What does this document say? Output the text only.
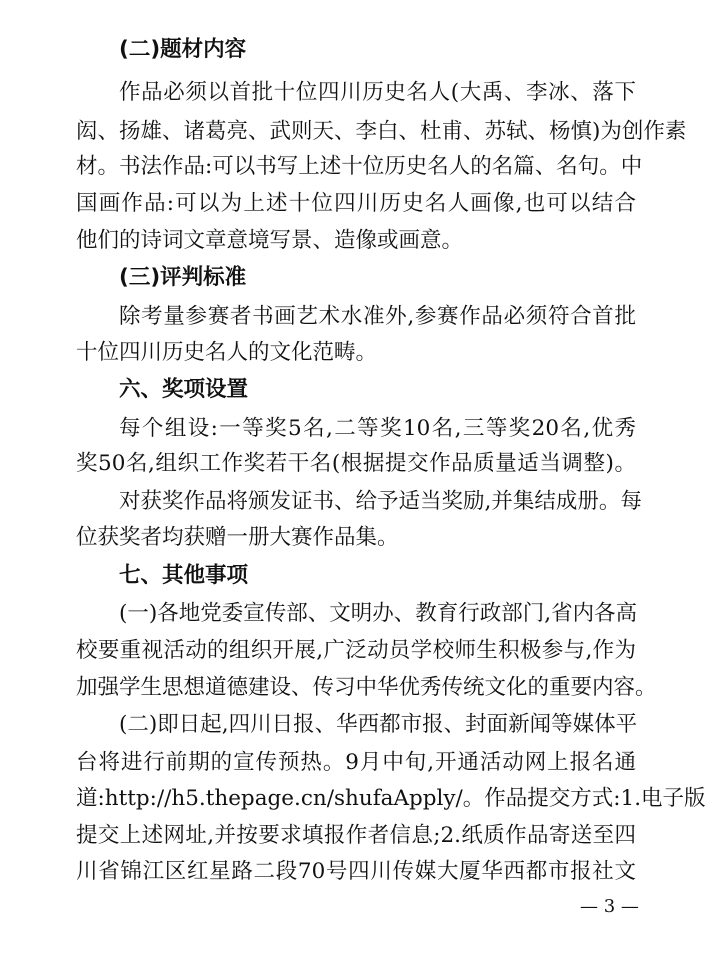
(二)题材内容
作品必须以首批十位四川历史名人(大禹、李冰、落下
闳、扬雄、诸葛亮、武则天、李白、杜甫、苏轼、杨慎)为创作素
材。书法作品:可以书写上述十位历史名人的名篇、名句。中
国画作品:可以为上述十位四川历史名人画像,也可以结合
他们的诗词文章意境写景、造像或画意。
(三)评判标准
除考量参赛者书画艺术水准外,参赛作品必须符合首批
十位四川历史名人的文化范畴。
六、奖项设置
每个组设:一等奖5名,二等奖10名,三等奖20名,优秀
奖50名,组织工作奖若干名(根据提交作品质量适当调整)。
对获奖作品将颁发证书、给予适当奖励,并集结成册。每
位获奖者均获赠一册大赛作品集。
七、其他事项
(一)各地党委宣传部、文明办、教育行政部门,省内各高
校要重视活动的组织开展,广泛动员学校师生积极参与,作为
加强学生思想道德建设、传习中华优秀传统文化的重要内容。
(二)即日起,四川日报、华西都市报、封面新闻等媒体平
台将进行前期的宣传预热。9月中旬,开通活动网上报名通
道:http://h5.thepage.cn/shufaApply/。作品提交方式:1.电子版
提交上述网址,并按要求填报作者信息;2.纸质作品寄送至四
川省锦江区红星路二段70号四川传媒大厦华西都市报社文
— 3 —
